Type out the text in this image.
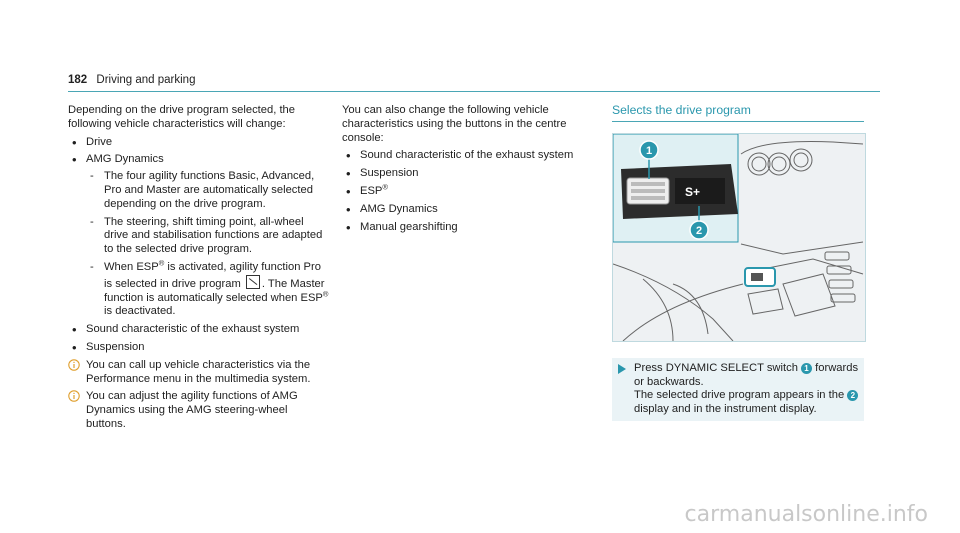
182 Driving and parking

Depending on the drive program selected, the following vehicle characteristics will change:

• Drive
• AMG Dynamics
- The four agility functions Basic, Advanced, Pro and Master are automatically selected depending on the drive program.
- The steering, shift timing point, all-wheel drive and stabilisation functions are adapted to the selected drive program.
- When ESP® is activated, agility function Pro is selected in drive program . The Master function is automatically selected when ESP® is deactivated.
• Sound characteristic of the exhaust system
• Suspension
You can call up vehicle characteristics via the Performance menu in the multimedia system.
You can adjust the agility functions of AMG Dynamics using the AMG steering-wheel buttons.

You can also change the following vehicle characteristics using the buttons in the centre console:

• Sound characteristic of the exhaust system
• Suspension
• ESP®
• AMG Dynamics
• Manual gearshifting
Selects the drive program
S+
1
2
Press DYNAMIC SELECT switch 1 forwards or backwards.
The selected drive program appears in the 2 display and in the instrument display.
carmanualsonline.info
